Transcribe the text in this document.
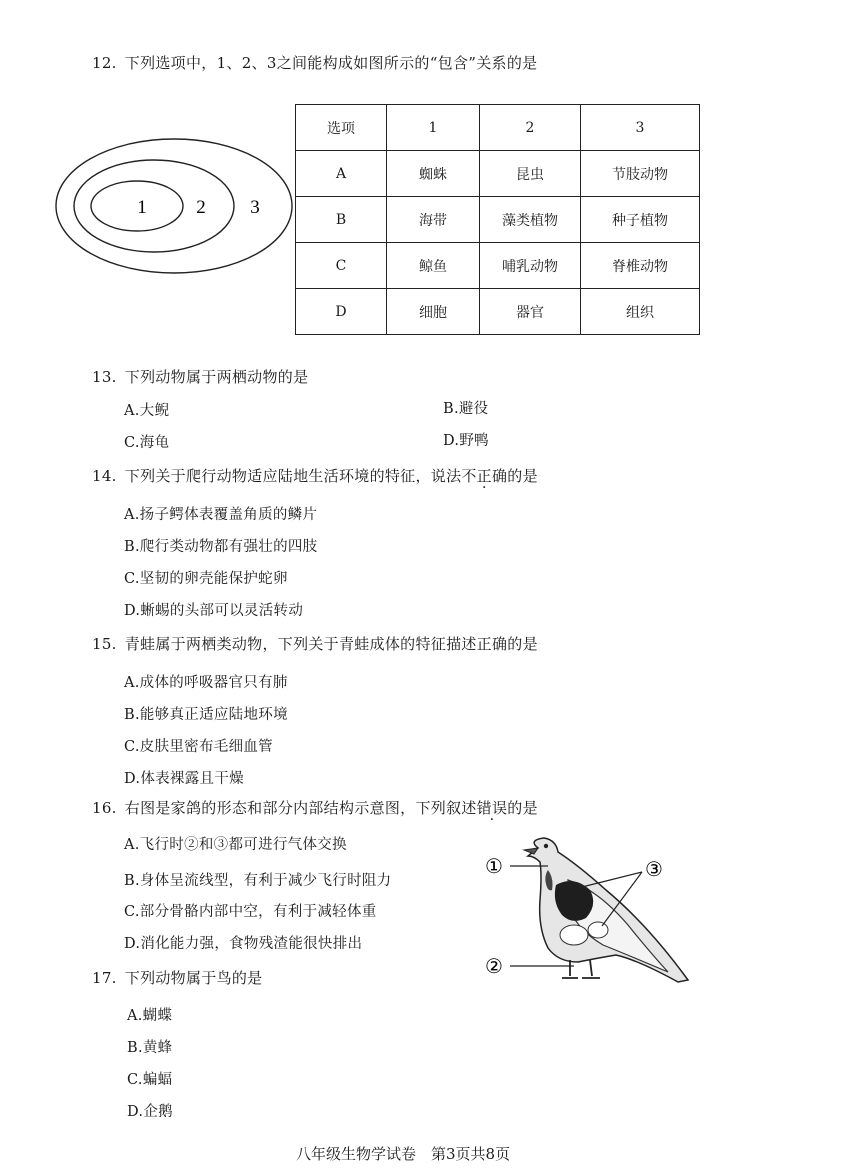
12. 下列选项中，1、2、3之间能构成如图所示的“包含”关系的是
1	2 3
选项	1	2	3
A	蜘蛛	昆虫	节肢动物
B	海带	藻类植物	种子植物
C	鲸鱼	哺乳动物	脊椎动物
D	细胞	器官	组织
13. 下列动物属于两栖动物的是
A.大鲵	B.避役
C.海龟	D.野鸭
14. 下列关于爬行动物适应陆地生活环境的特征，说法不正确的是
A.扬子鳄体表覆盖角质的鳞片
B.爬行类动物都有强壮的四肢
C.坚韧的卵壳能保护蛇卵
D.蜥蜴的头部可以灵活转动
15. 青蛙属于两栖类动物，下列关于青蛙成体的特征描述正确的是
A.成体的呼吸器官只有肺
B.能够真正适应陆地环境
C.皮肤里密布毛细血管
D.体表裸露且干燥
16. 右图是家鸽的形态和部分内部结构示意图，下列叙述错误的是
A.飞行时②和③都可进行气体交换
B.身体呈流线型，有利于减少飞行时阻力
C.部分骨骼内部中空，有利于减轻体重
D.消化能力强，食物残渣能很快排出
①
②
③
17. 下列动物属于鸟的是
A.蝴蝶
B.黄蜂
C.蝙蝠
D.企鹅
八年级生物学试卷　第3页共8页
